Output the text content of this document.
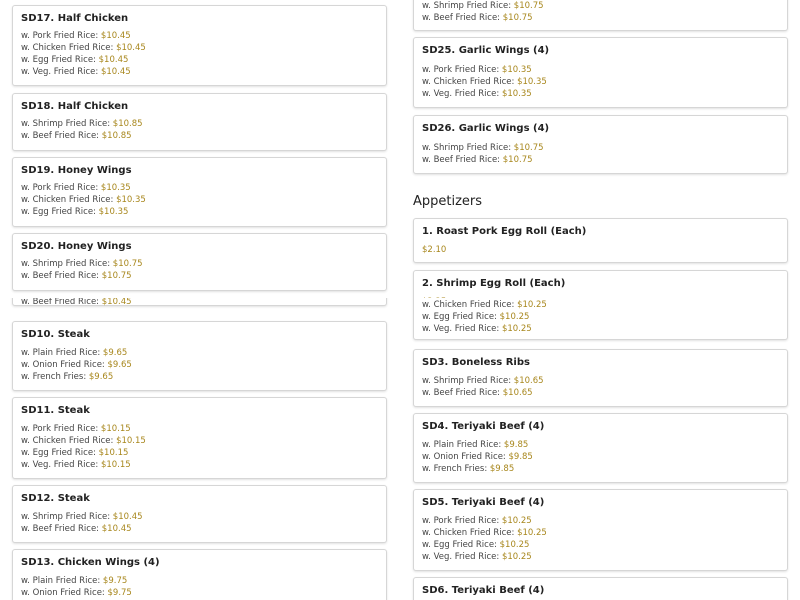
SD17. Half Chicken
w. Pork Fried Rice: $10.45
w. Chicken Fried Rice: $10.45
w. Egg Fried Rice: $10.45
w. Veg. Fried Rice: $10.45
SD18. Half Chicken
w. Shrimp Fried Rice: $10.85
w. Beef Fried Rice: $10.85
SD19. Honey Wings
w. Pork Fried Rice: $10.35
w. Chicken Fried Rice: $10.35
w. Egg Fried Rice: $10.35
SD20. Honey Wings
w. Shrimp Fried Rice: $10.75
w. Beef Fried Rice: $10.75
w. Shrimp Fried Rice: $10.75
w. Beef Fried Rice: $10.75
SD25. Garlic Wings (4)
w. Pork Fried Rice: $10.35
w. Chicken Fried Rice: $10.35
w. Veg. Fried Rice: $10.35
SD26. Garlic Wings (4)
w. Shrimp Fried Rice: $10.75
w. Beef Fried Rice: $10.75
Appetizers
1. Roast Pork Egg Roll (Each)
$2.10
2. Shrimp Egg Roll (Each)
w. Beef Fried Rice: $10.45
SD10. Steak
w. Plain Fried Rice: $9.65
w. Onion Fried Rice: $9.65
w. French Fries: $9.65
SD11. Steak
w. Pork Fried Rice: $10.15
w. Chicken Fried Rice: $10.15
w. Egg Fried Rice: $10.15
w. Veg. Fried Rice: $10.15
SD12. Steak
w. Shrimp Fried Rice: $10.45
w. Beef Fried Rice: $10.45
SD13. Chicken Wings (4)
w. Plain Fried Rice: $9.75
w. Onion Fried Rice: $9.75
w. Chicken Fried Rice: $10.25
w. Egg Fried Rice: $10.25
w. Veg. Fried Rice: $10.25
SD3. Boneless Ribs
w. Shrimp Fried Rice: $10.65
w. Beef Fried Rice: $10.65
SD4. Teriyaki Beef (4)
w. Plain Fried Rice: $9.85
w. Onion Fried Rice: $9.85
w. French Fries: $9.85
SD5. Teriyaki Beef (4)
w. Pork Fried Rice: $10.25
w. Chicken Fried Rice: $10.25
w. Egg Fried Rice: $10.25
w. Veg. Fried Rice: $10.25
SD6. Teriyaki Beef (4)
